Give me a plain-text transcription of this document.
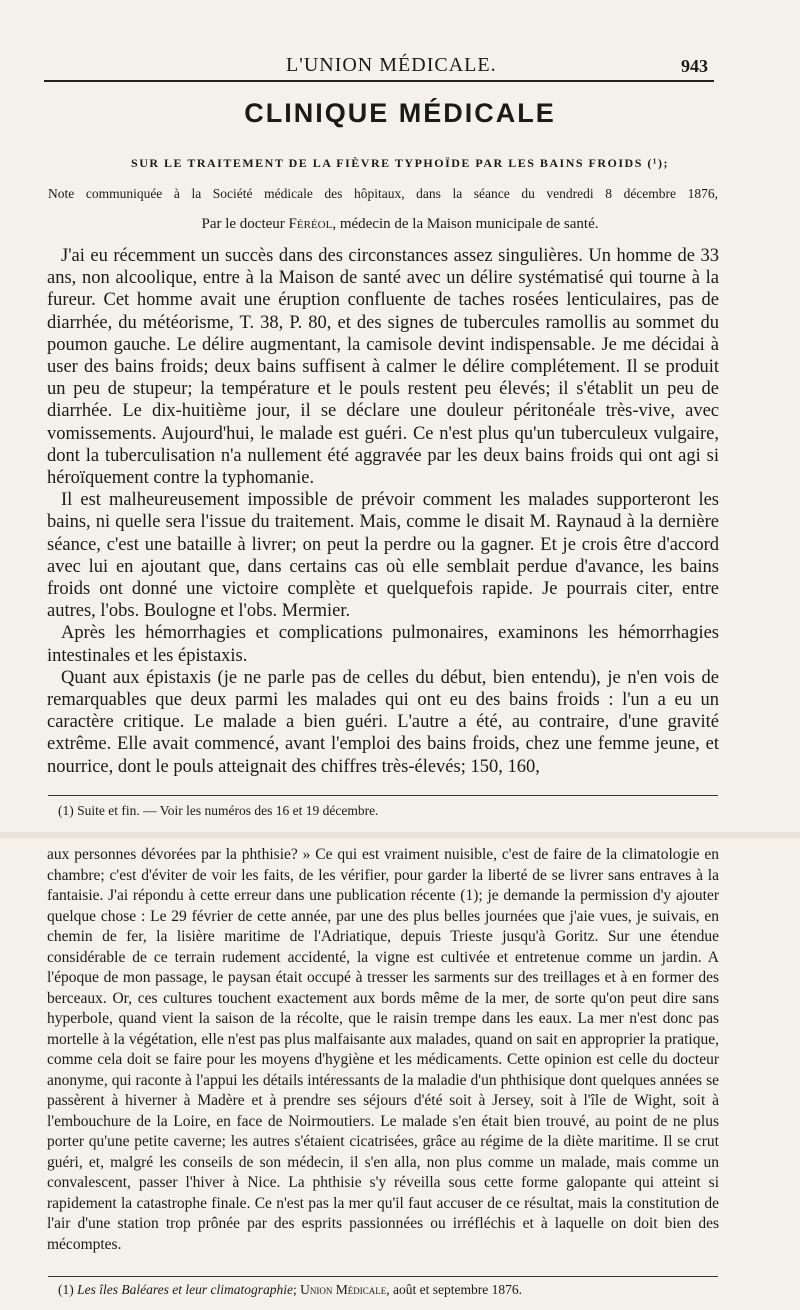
L'UNION MÉDICALE.	943
CLINIQUE MÉDICALE
SUR LE TRAITEMENT DE LA FIÈVRE TYPHOÏDE PAR LES BAINS FROIDS (¹);
Note communiquée à la Société médicale des hôpitaux, dans la séance du vendredi 8 décembre 1876,
Par le docteur Féréol, médecin de la Maison municipale de santé.

J'ai eu récemment un succès dans des circonstances assez singulières. Un homme de 33 ans, non alcoolique, entre à la Maison de santé avec un délire systématisé qui tourne à la fureur. Cet homme avait une éruption confluente de taches rosées lenticulaires, pas de diarrhée, du météorisme, T. 38, P. 80, et des signes de tubercules ramollis au sommet du poumon gauche. Le délire augmentant, la camisole devint indispensable. Je me décidai à user des bains froids; deux bains suffisent à calmer le délire complétement. Il se produit un peu de stupeur; la température et le pouls restent peu élevés; il s'établit un peu de diarrhée. Le dix-huitième jour, il se déclare une douleur péritonéale très-vive, avec vomissements. Aujourd'hui, le malade est guéri. Ce n'est plus qu'un tuberculeux vulgaire, dont la tuberculisation n'a nullement été aggravée par les deux bains froids qui ont agi si héroïquement contre la typhomanie.

Il est malheureusement impossible de prévoir comment les malades supporteront les bains, ni quelle sera l'issue du traitement. Mais, comme le disait M. Raynaud à la dernière séance, c'est une bataille à livrer; on peut la perdre ou la gagner. Et je crois être d'accord avec lui en ajoutant que, dans certains cas où elle semblait perdue d'avance, les bains froids ont donné une victoire complète et quelquefois rapide. Je pourrais citer, entre autres, l'obs. Boulogne et l'obs. Mermier.

Après les hémorrhagies et complications pulmonaires, examinons les hémorrhagies intestinales et les épistaxis.

Quant aux épistaxis (je ne parle pas de celles du début, bien entendu), je n'en vois de remarquables que deux parmi les malades qui ont eu des bains froids : l'un a eu un caractère critique. Le malade a bien guéri. L'autre a été, au contraire, d'une gravité extrême. Elle avait commencé, avant l'emploi des bains froids, chez une femme jeune, et nourrice, dont le pouls atteignait des chiffres très-élevés; 150, 160,

(1) Suite et fin. — Voir les numéros des 16 et 19 décembre.
aux personnes dévorées par la phthisie? » Ce qui est vraiment nuisible, c'est de faire de la climatologie en chambre; c'est d'éviter de voir les faits, de les vérifier, pour garder la liberté de se livrer sans entraves à la fantaisie. J'ai répondu à cette erreur dans une publication récente (1); je demande la permission d'y ajouter quelque chose : Le 29 février de cette année, par une des plus belles journées que j'aie vues, je suivais, en chemin de fer, la lisière maritime de l'Adriatique, depuis Trieste jusqu'à Goritz. Sur une étendue considérable de ce terrain rudement accidenté, la vigne est cultivée et entretenue comme un jardin. A l'époque de mon passage, le paysan était occupé à tresser les sarments sur des treillages et à en former des berceaux. Or, ces cultures touchent exactement aux bords même de la mer, de sorte qu'on peut dire sans hyperbole, quand vient la saison de la récolte, que le raisin trempe dans les eaux. La mer n'est donc pas mortelle à la végétation, elle n'est pas plus malfaisante aux malades, quand on sait en approprier la pratique, comme cela doit se faire pour les moyens d'hygiène et les médicaments. Cette opinion est celle du docteur anonyme, qui raconte à l'appui les détails intéressants de la maladie d'un phthisique dont quelques années se passèrent à hiverner à Madère et à prendre ses séjours d'été soit à Jersey, soit à l'île de Wight, soit à l'embouchure de la Loire, en face de Noirmoutiers. Le malade s'en était bien trouvé, au point de ne plus porter qu'une petite caverne; les autres s'étaient cicatrisées, grâce au régime de la diète maritime. Il se crut guéri, et, malgré les conseils de son médecin, il s'en alla, non plus comme un malade, mais comme un convalescent, passer l'hiver à Nice. La phthisie s'y réveilla sous cette forme galopante qui atteint si rapidement la catastrophe finale. Ce n'est pas la mer qu'il faut accuser de ce résultat, mais la constitution de l'air d'une station trop prônée par des esprits passionnées ou irréfléchis et à laquelle on doit bien des mécomptes.
(1) Les îles Baléares et leur climatographie; Union Médicale, août et septembre 1876.
